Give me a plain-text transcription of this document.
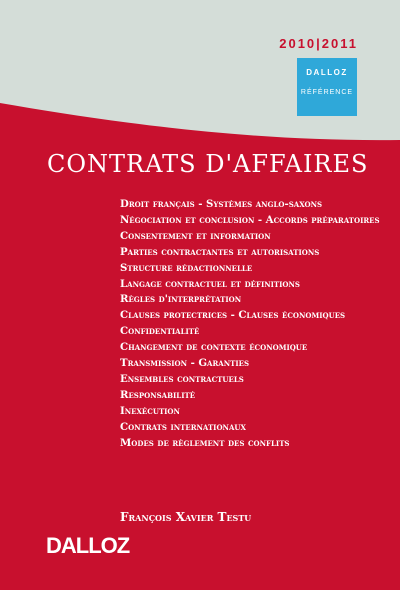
2010|2011
DALLOZ
RÉFÉRENCE
CONTRATS D'AFFAIRES
Droit français - Systèmes anglo-saxons
Négociation et conclusion - Accords préparatoires
Consentement et information
Parties contractantes et autorisations
Structure rédactionnelle
Langage contractuel et définitions
Règles d'interprétation
Clauses protectrices - Clauses économiques
Confidentialité
Changement de contexte économique
Transmission - Garanties
Ensembles contractuels
Responsabilité
Inexécution
Contrats internationaux
Modes de règlement des conflits
François Xavier Testu
DALLOZ
